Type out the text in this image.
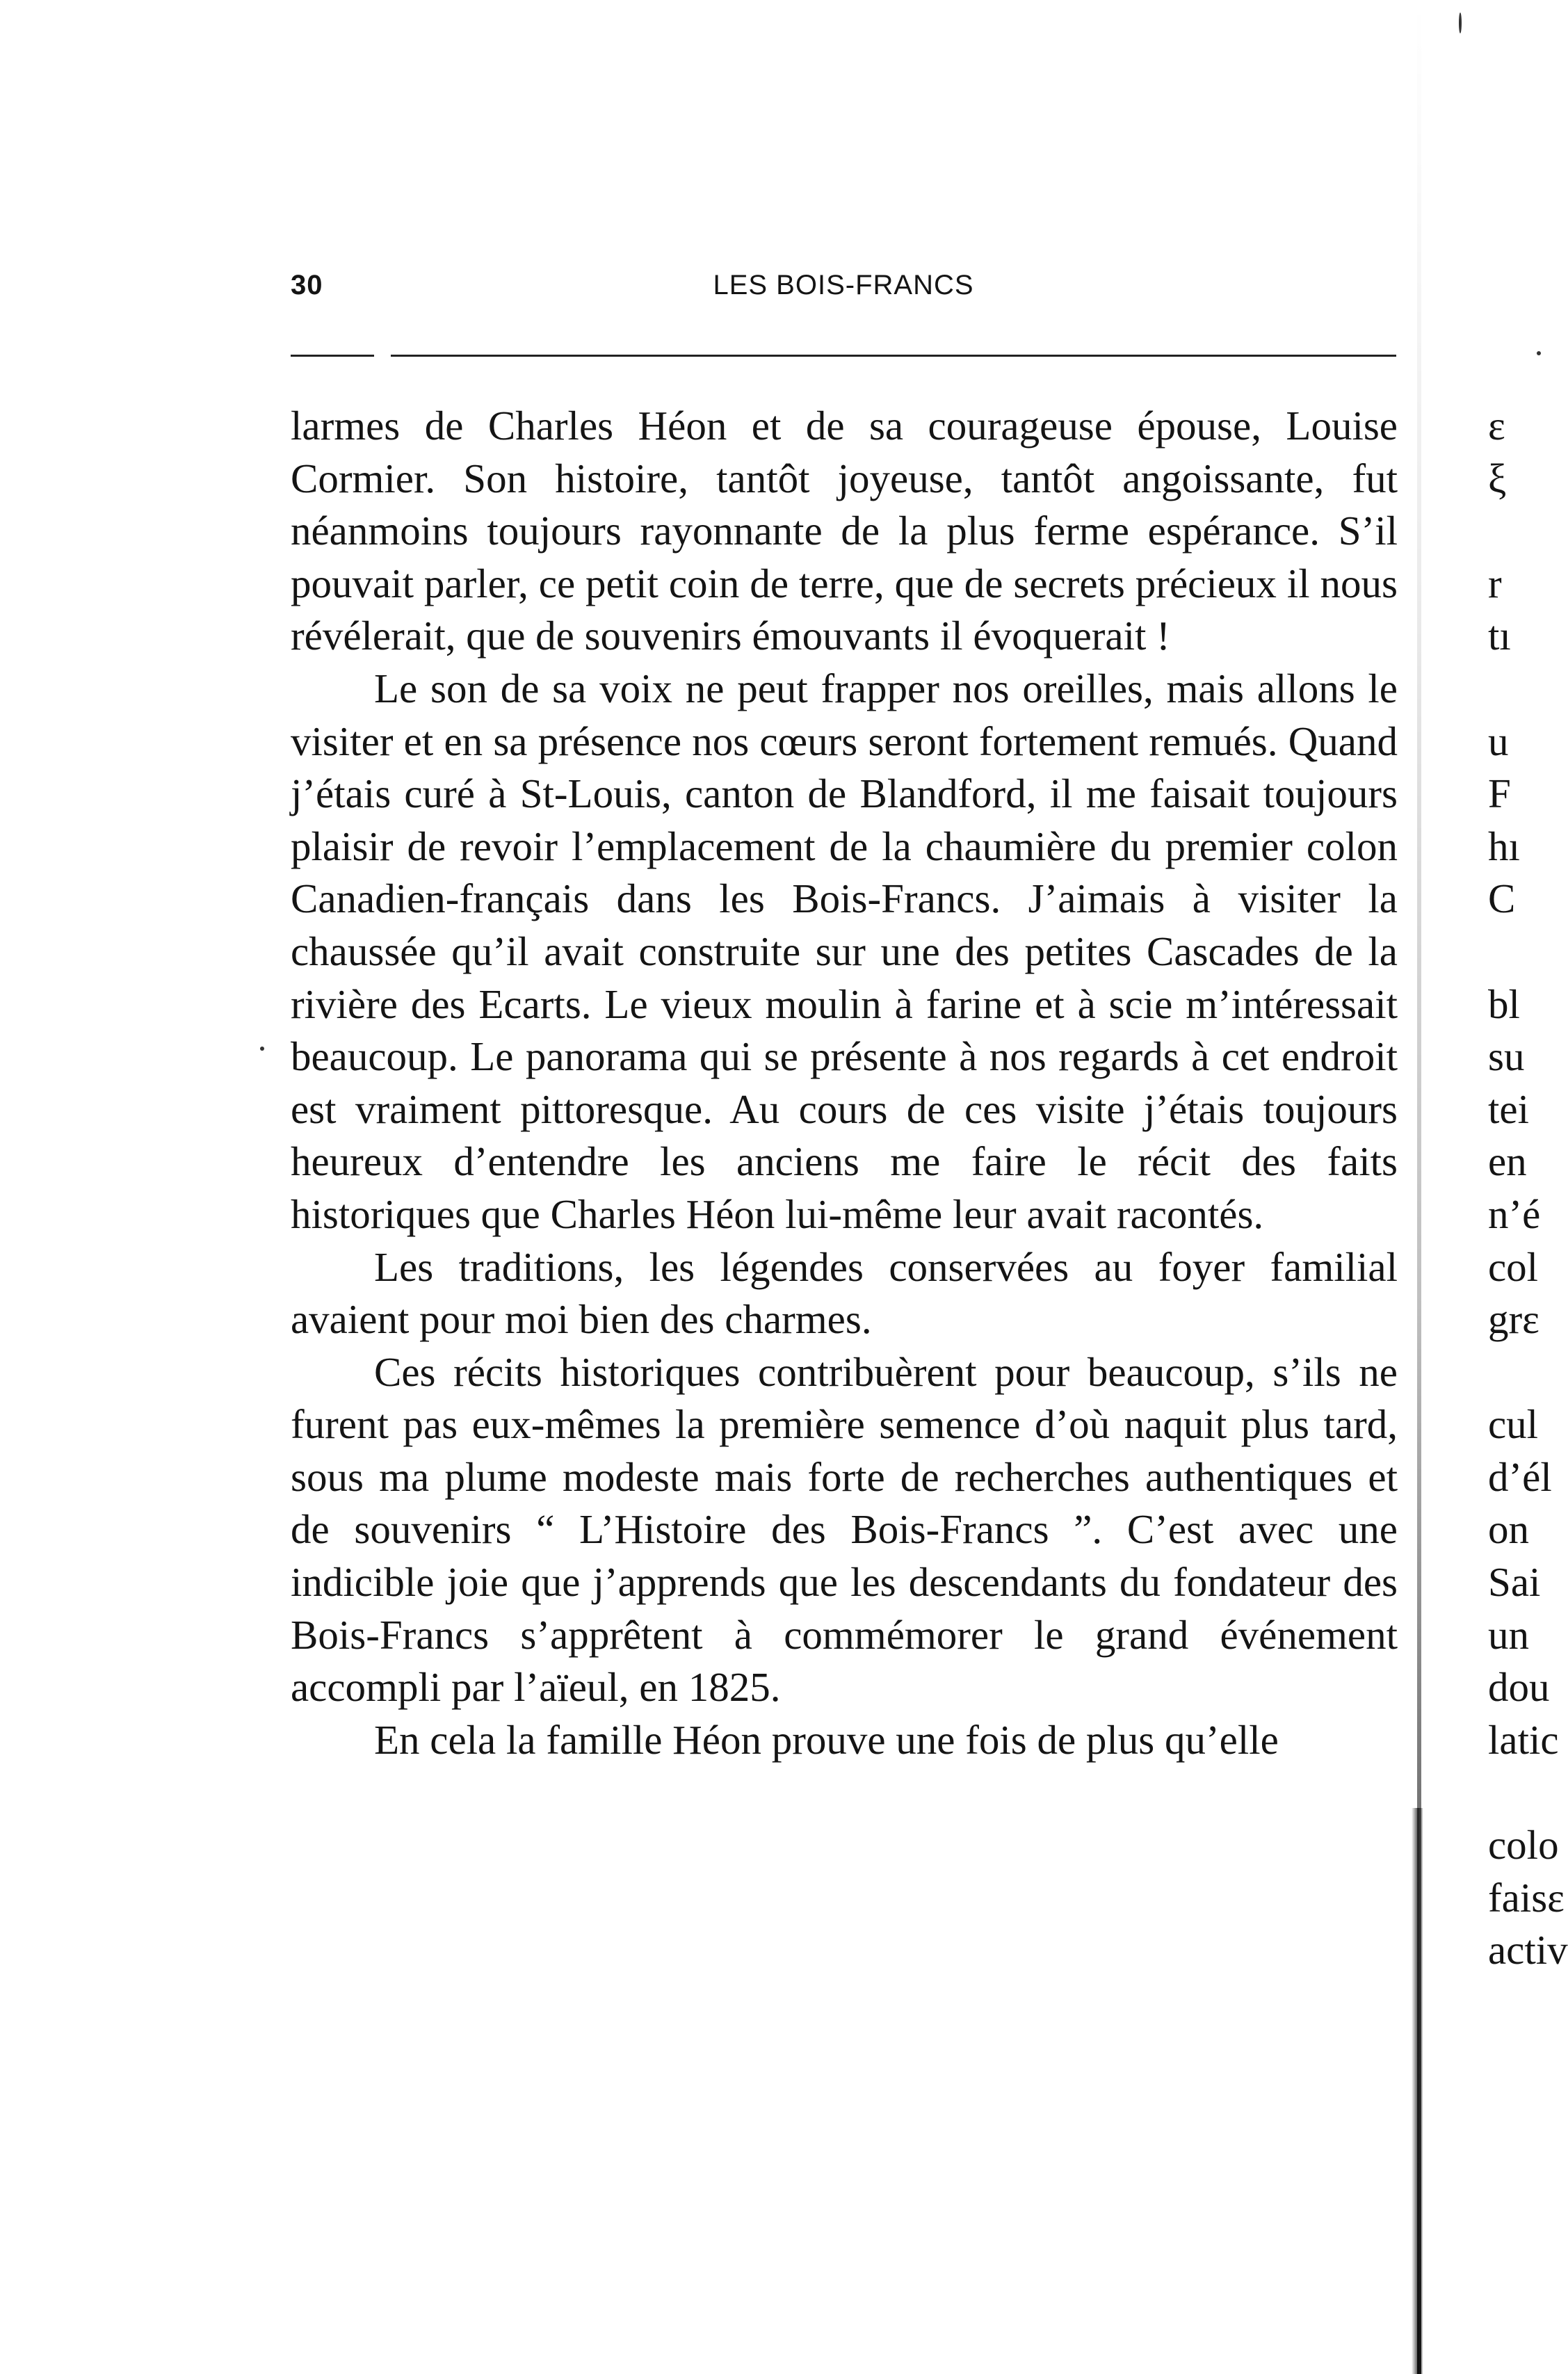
30	LES BOIS-FRANCS

larmes de Charles Héon et de sa courageuse épouse, Louise Cormier. Son histoire, tantôt joyeuse, tantôt angoissante, fut néanmoins toujours rayonnante de la plus ferme espérance. S’il pouvait parler, ce petit coin de terre, que de secrets précieux il nous révélerait, que de souvenirs émouvants il évoquerait !

Le son de sa voix ne peut frapper nos oreilles, mais allons le visiter et en sa présence nos cœurs seront fortement remués. Quand j’étais curé à St-Louis, canton de Blandford, il me faisait toujours plaisir de revoir l’emplacement de la chaumière du premier colon Canadien-français dans les Bois-Francs. J’aimais à visiter la chaussée qu’il avait construite sur une des petites Cascades de la rivière des Ecarts. Le vieux moulin à farine et à scie m’intéressait beaucoup. Le panorama qui se présente à nos regards à cet endroit est vraiment pittoresque. Au cours de ces visite j’étais toujours heureux d’entendre les anciens me faire le récit des faits historiques que Charles Héon lui-même leur avait racontés.

Les traditions, les légendes conservées au foyer familial avaient pour moi bien des charmes.

Ces récits historiques contribuèrent pour beaucoup, s’ils ne furent pas eux-mêmes la première semence d’où naquit plus tard, sous ma plume modeste mais forte de recherches authentiques et de souvenirs “ L’Histoire des Bois-Francs ”. C’est avec une indicible joie que j’apprends que les descendants du fondateur des Bois-Francs s’apprêtent à commémorer le grand événement accompli par l’aïeul, en 1825.

En cela la famille Héon prouve une fois de plus qu’elle

ε
ξ
r
tı
u
F
hı
C
bl
su
tei
en
n’é
col
grε
cul
d’él
on
Sai
un
dou
latic
colo
faisε
activ
